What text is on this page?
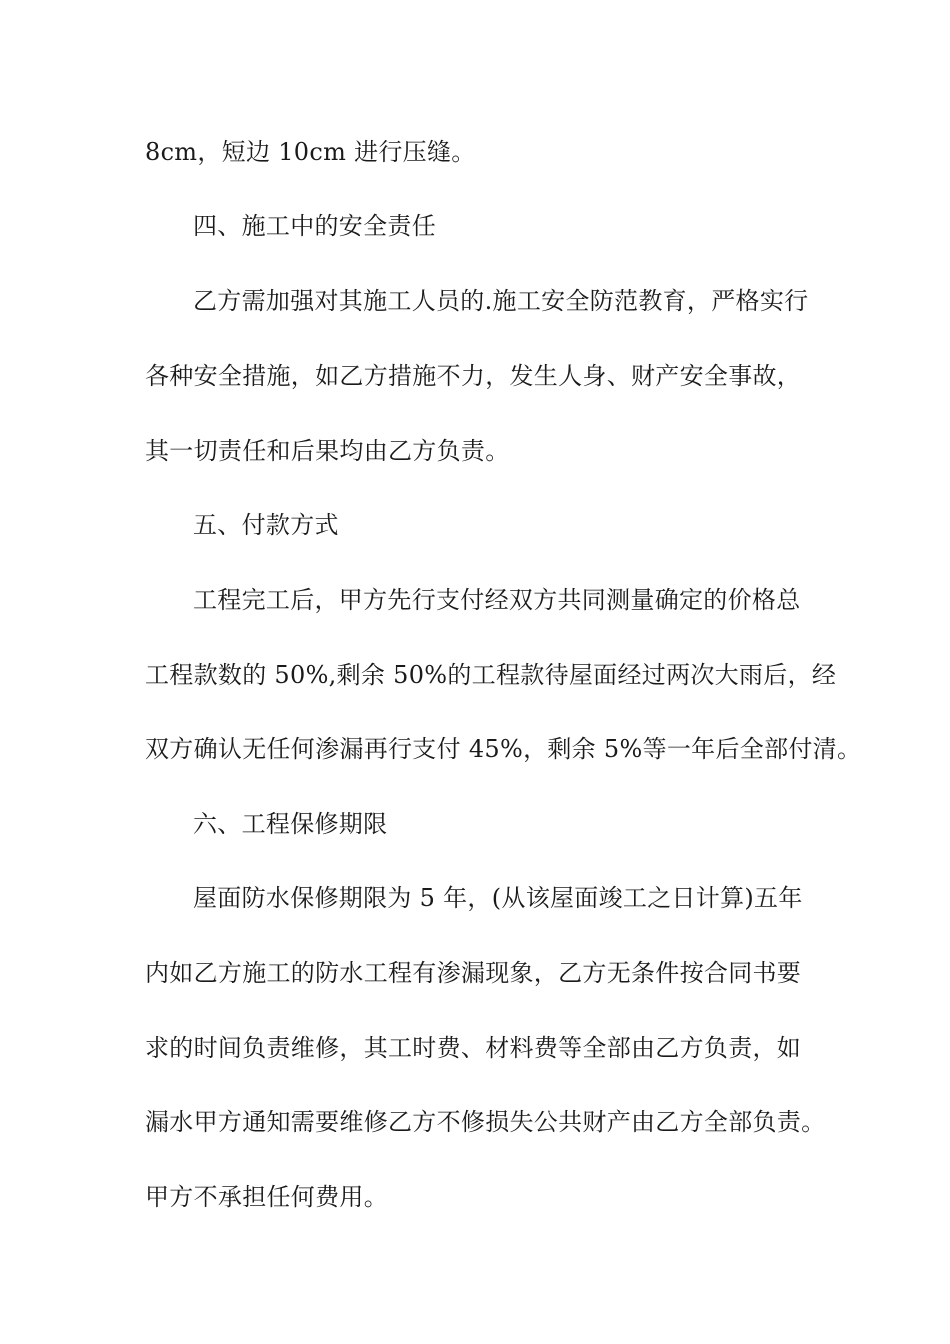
8cm，短边 10cm 进行压缝。
四、施工中的安全责任
乙方需加强对其施工人员的.施工安全防范教育，严格实行
各种安全措施，如乙方措施不力，发生人身、财产安全事故，
其一切责任和后果均由乙方负责。
五、付款方式
工程完工后，甲方先行支付经双方共同测量确定的价格总
工程款数的 50%,剩余 50%的工程款待屋面经过两次大雨后，经
双方确认无任何渗漏再行支付 45%，剩余 5%等一年后全部付清。
六、工程保修期限
屋面防水保修期限为 5 年，(从该屋面竣工之日计算)五年
内如乙方施工的防水工程有渗漏现象，乙方无条件按合同书要
求的时间负责维修，其工时费、材料费等全部由乙方负责，如
漏水甲方通知需要维修乙方不修损失公共财产由乙方全部负责。
甲方不承担任何费用。
